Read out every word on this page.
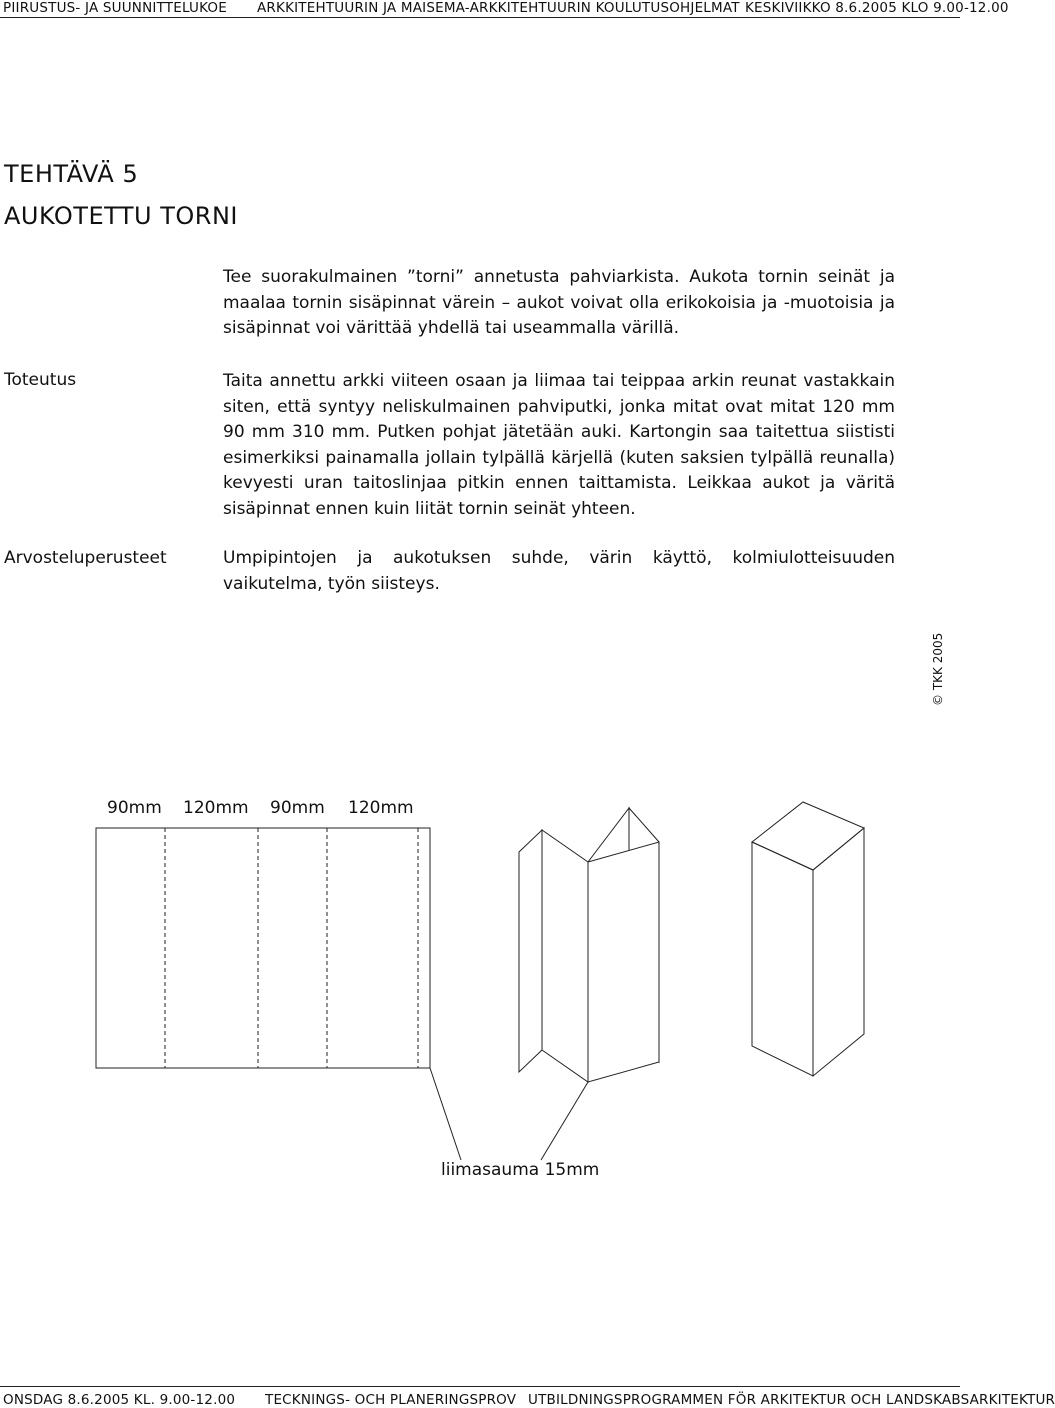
PIIRUSTUS- JA SUUNNITTELUKOE ARKKITEHTUURIN JA MAISEMA-ARKKITEHTUURIN KOULUTUSOHJELMAT KESKIVIIKKO 8.6.2005 KLO 9.00-12.00
TEHTÄVÄ 5
AUKOTETTU TORNI
Tee suorakulmainen ”torni” annetusta pahviarkista. Aukota tornin seinät ja maalaa tornin sisäpinnat värein – aukot voivat olla erikokoisia ja -muotoisia ja sisäpinnat voi värittää yhdellä tai useammalla värillä.
Toteutus	Taita annettu arkki viiteen osaan ja liimaa tai teippaa arkin reunat vastakkain siten, että syntyy neliskulmainen pahviputki, jonka mitat ovat mitat 120 mm 90 mm 310 mm. Putken pohjat jätetään auki. Kartongin saa taitettua siististi esimerkiksi painamalla jollain tylpällä kärjellä (kuten saksien tylpällä reunalla) kevyesti uran taitoslinjaa pitkin ennen taittamista. Leikkaa aukot ja väritä sisäpinnat ennen kuin liität tornin seinät yhteen.
Arvosteluperusteet	Umpipintojen ja aukotuksen suhde, värin käyttö, kolmiulotteisuuden vaikutelma, työn siisteys.
© TKK 2005
90mm 120mm 90mm 120mm
liimasauma 15mm
ONSDAG 8.6.2005 KL. 9.00-12.00 TECKNINGS- OCH PLANERINGSPROV UTBILDNINGSPROGRAMMEN FÖR ARKITEKTUR OCH LANDSKABSARKITEKTUR
